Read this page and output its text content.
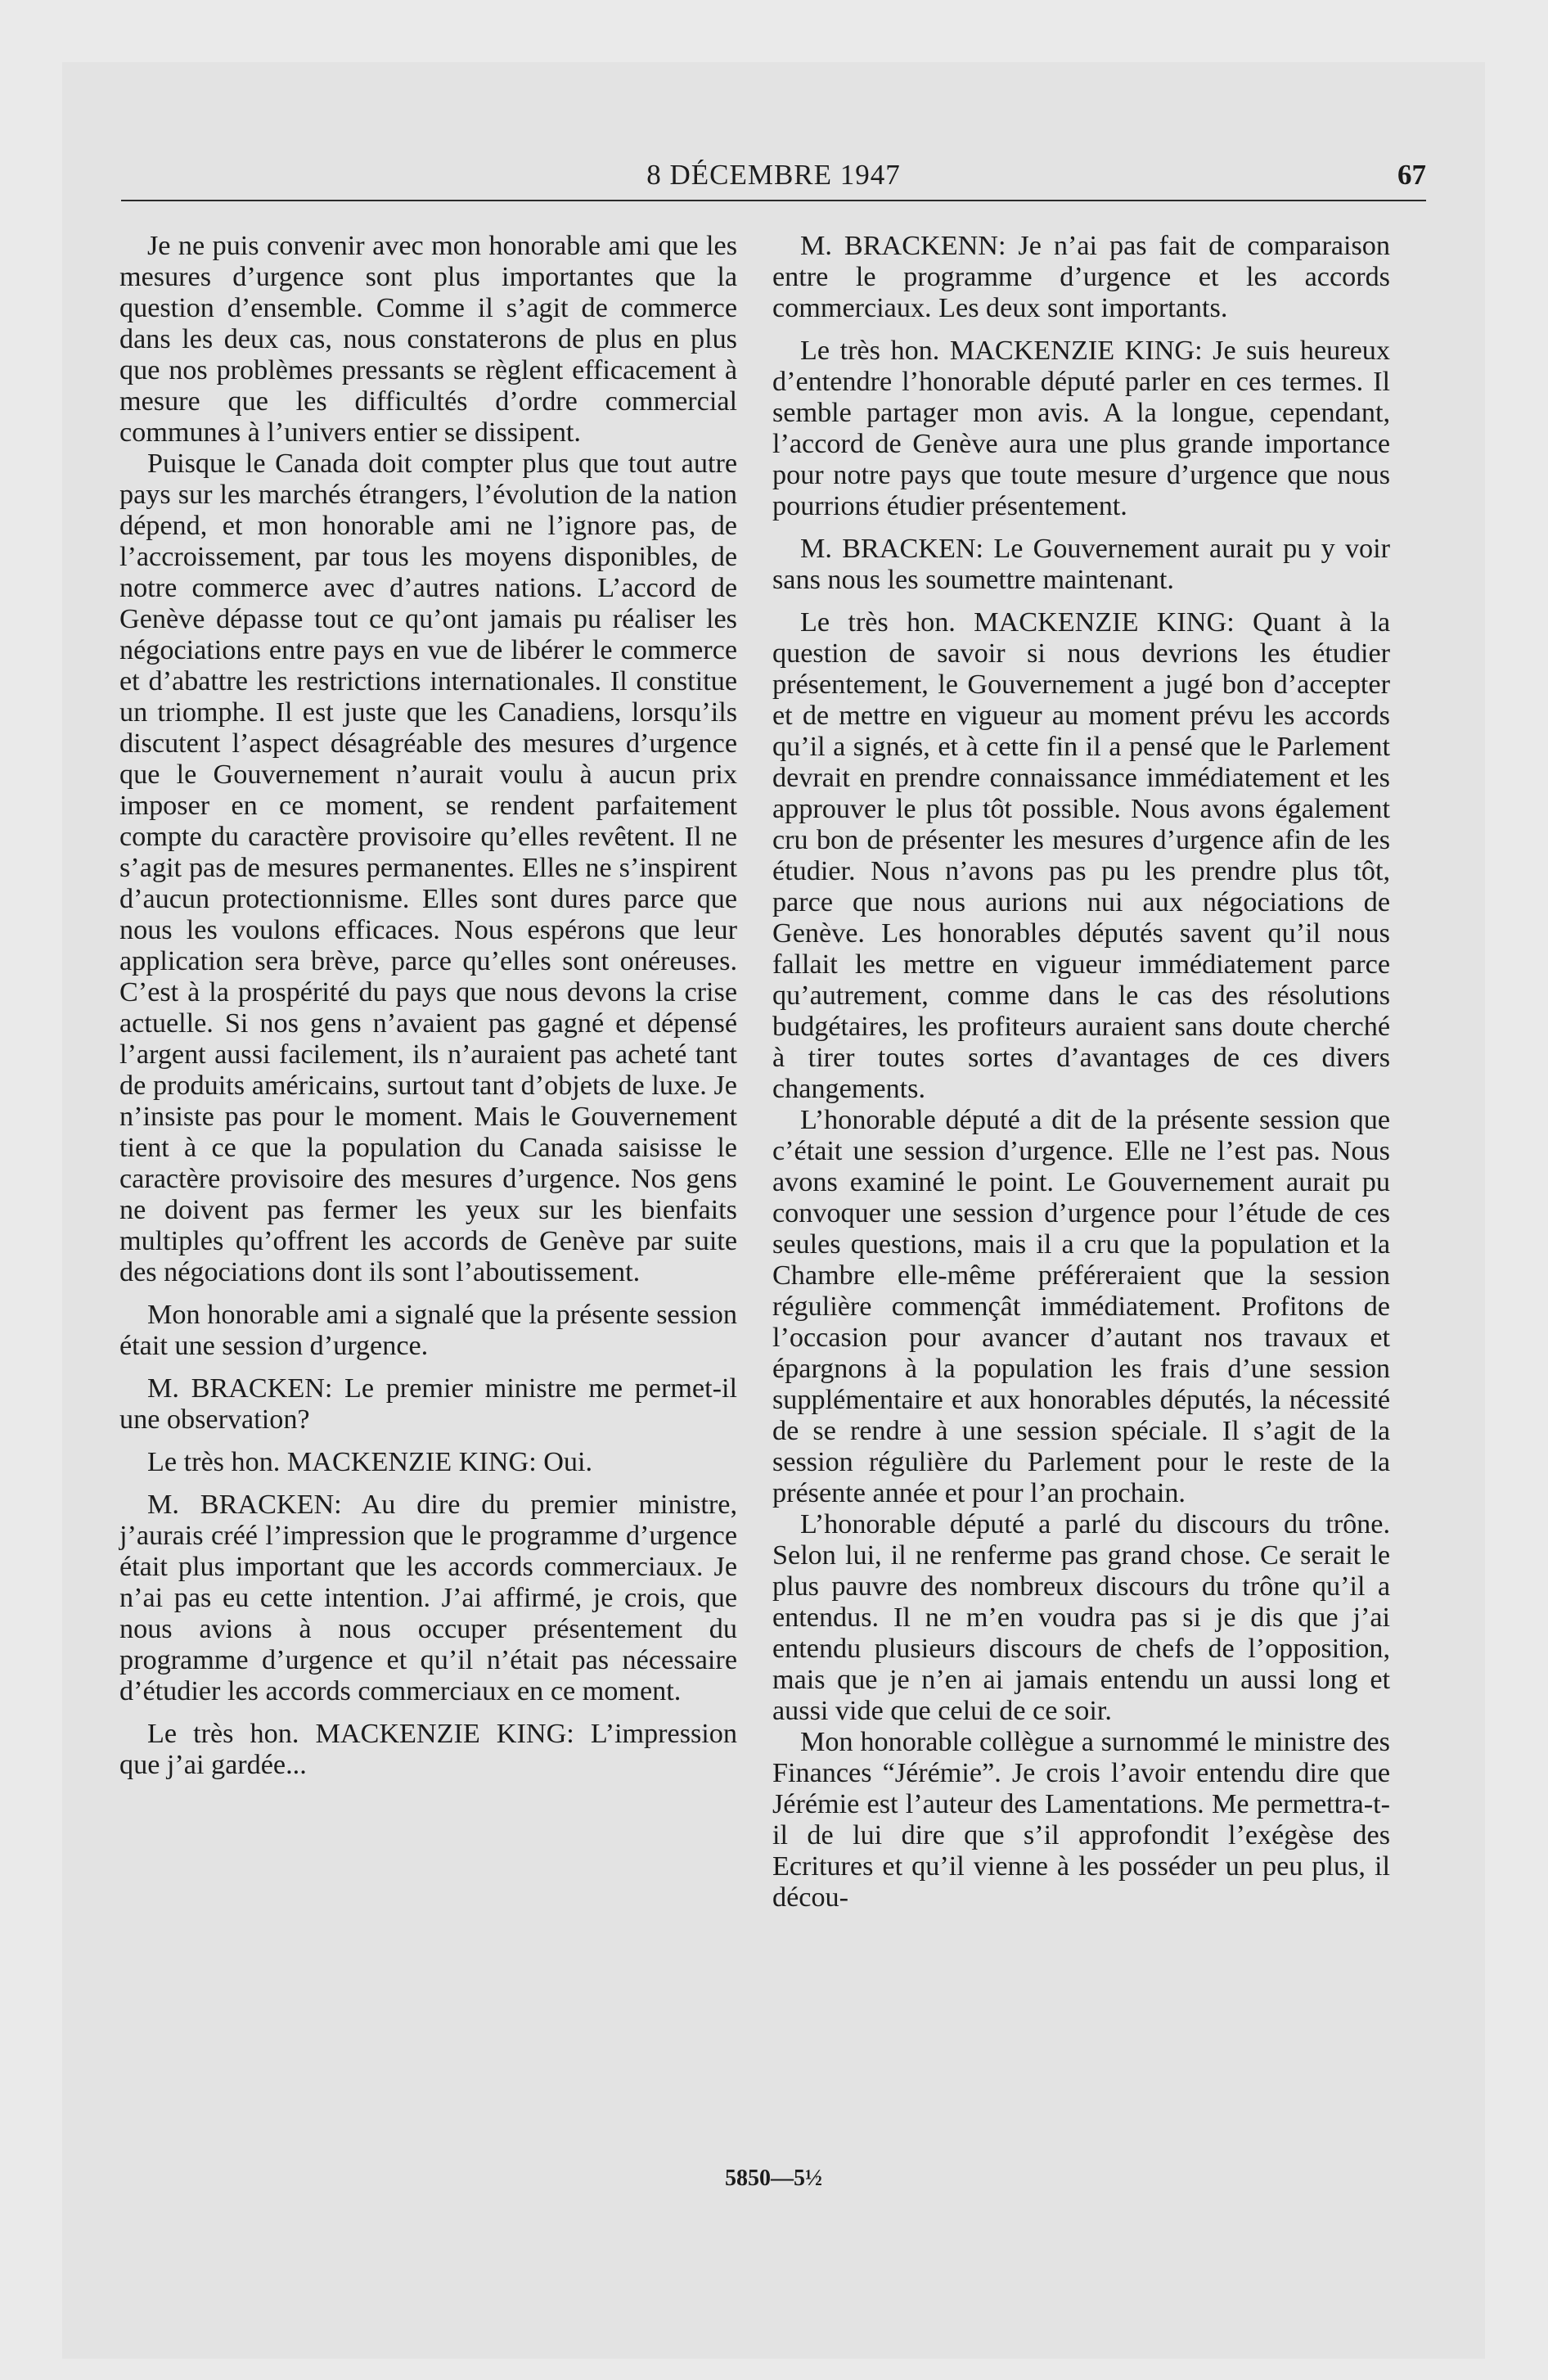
8 DÉCEMBRE 1947	67

Je ne puis convenir avec mon honorable ami que les mesures d’urgence sont plus importantes que la question d’ensemble. Comme il s’agit de commerce dans les deux cas, nous constaterons de plus en plus que nos problèmes pressants se règlent efficacement à mesure que les difficultés d’ordre commercial communes à l’univers entier se dissipent.

Puisque le Canada doit compter plus que tout autre pays sur les marchés étrangers, l’évolution de la nation dépend, et mon honorable ami ne l’ignore pas, de l’accroissement, par tous les moyens disponibles, de notre commerce avec d’autres nations. L’accord de Genève dépasse tout ce qu’ont jamais pu réaliser les négociations entre pays en vue de libérer le commerce et d’abattre les restrictions internationales. Il constitue un triomphe. Il est juste que les Canadiens, lorsqu’ils discutent l’aspect désagréable des mesures d’urgence que le Gouvernement n’aurait voulu à aucun prix imposer en ce moment, se rendent parfaitement compte du caractère provisoire qu’elles revêtent. Il ne s’agit pas de mesures permanentes. Elles ne s’inspirent d’aucun protectionnisme. Elles sont dures parce que nous les voulons efficaces. Nous espérons que leur application sera brève, parce qu’elles sont onéreuses. C’est à la prospérité du pays que nous devons la crise actuelle. Si nos gens n’avaient pas gagné et dépensé l’argent aussi facilement, ils n’auraient pas acheté tant de produits américains, surtout tant d’objets de luxe. Je n’insiste pas pour le moment. Mais le Gouvernement tient à ce que la population du Canada saisisse le caractère provisoire des mesures d’urgence. Nos gens ne doivent pas fermer les yeux sur les bienfaits multiples qu’offrent les accords de Genève par suite des négociations dont ils sont l’aboutissement.

Mon honorable ami a signalé que la présente session était une session d’urgence.

M. BRACKEN: Le premier ministre me permet-il une observation?

Le très hon. MACKENZIE KING: Oui.

M. BRACKEN: Au dire du premier ministre, j’aurais créé l’impression que le programme d’urgence était plus important que les accords commerciaux. Je n’ai pas eu cette intention. J’ai affirmé, je crois, que nous avions à nous occuper présentement du programme d’urgence et qu’il n’était pas nécessaire d’étudier les accords commerciaux en ce moment.

Le très hon. MACKENZIE KING: L’impression que j’ai gardée...

M. BRACKENN: Je n’ai pas fait de comparaison entre le programme d’urgence et les accords commerciaux. Les deux sont importants.

Le très hon. MACKENZIE KING: Je suis heureux d’entendre l’honorable député parler en ces termes. Il semble partager mon avis. A la longue, cependant, l’accord de Genève aura une plus grande importance pour notre pays que toute mesure d’urgence que nous pourrions étudier présentement.

M. BRACKEN: Le Gouvernement aurait pu y voir sans nous les soumettre maintenant.

Le très hon. MACKENZIE KING: Quant à la question de savoir si nous devrions les étudier présentement, le Gouvernement a jugé bon d’accepter et de mettre en vigueur au moment prévu les accords qu’il a signés, et à cette fin il a pensé que le Parlement devrait en prendre connaissance immédiatement et les approuver le plus tôt possible. Nous avons également cru bon de présenter les mesures d’urgence afin de les étudier. Nous n’avons pas pu les prendre plus tôt, parce que nous aurions nui aux négociations de Genève. Les honorables députés savent qu’il nous fallait les mettre en vigueur immédiatement parce qu’autrement, comme dans le cas des résolutions budgétaires, les profiteurs auraient sans doute cherché à tirer toutes sortes d’avantages de ces divers changements.

L’honorable député a dit de la présente session que c’était une session d’urgence. Elle ne l’est pas. Nous avons examiné le point. Le Gouvernement aurait pu convoquer une session d’urgence pour l’étude de ces seules questions, mais il a cru que la population et la Chambre elle-même préféreraient que la session régulière commençât immédiatement. Profitons de l’occasion pour avancer d’autant nos travaux et épargnons à la population les frais d’une session supplémentaire et aux honorables députés, la nécessité de se rendre à une session spéciale. Il s’agit de la session régulière du Parlement pour le reste de la présente année et pour l’an prochain.

L’honorable député a parlé du discours du trône. Selon lui, il ne renferme pas grand chose. Ce serait le plus pauvre des nombreux discours du trône qu’il a entendus. Il ne m’en voudra pas si je dis que j’ai entendu plusieurs discours de chefs de l’opposition, mais que je n’en ai jamais entendu un aussi long et aussi vide que celui de ce soir.

Mon honorable collègue a surnommé le ministre des Finances “Jérémie”. Je crois l’avoir entendu dire que Jérémie est l’auteur des Lamentations. Me permettra-t-il de lui dire que s’il approfondit l’exégèse des Ecritures et qu’il vienne à les posséder un peu plus, il décou-

5850—5½
